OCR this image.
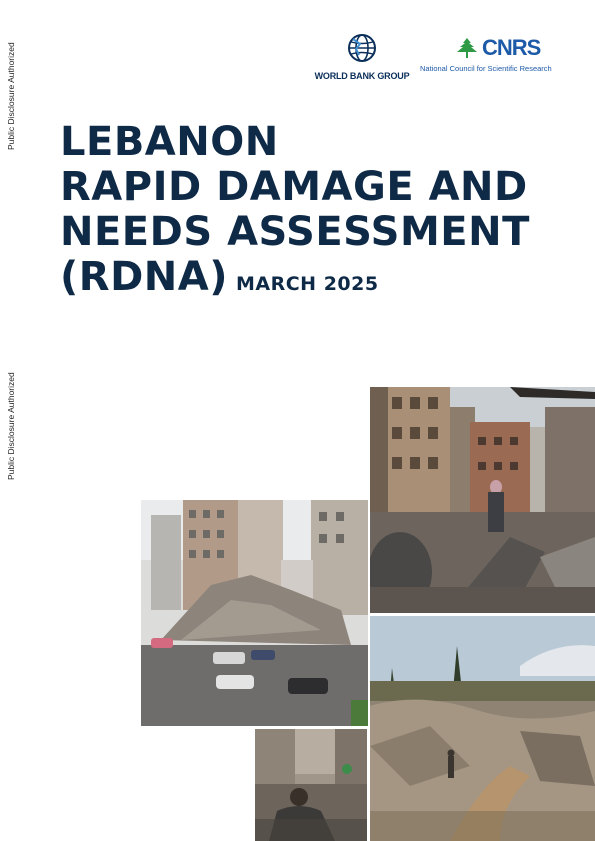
Public Disclosure Authorized
Public Disclosure Authorized
WORLD BANK GROUP
CNRS
National Council for Scientific Research
LEBANON
RAPID DAMAGE AND
NEEDS ASSESSMENT
(RDNA) MARCH 2025
